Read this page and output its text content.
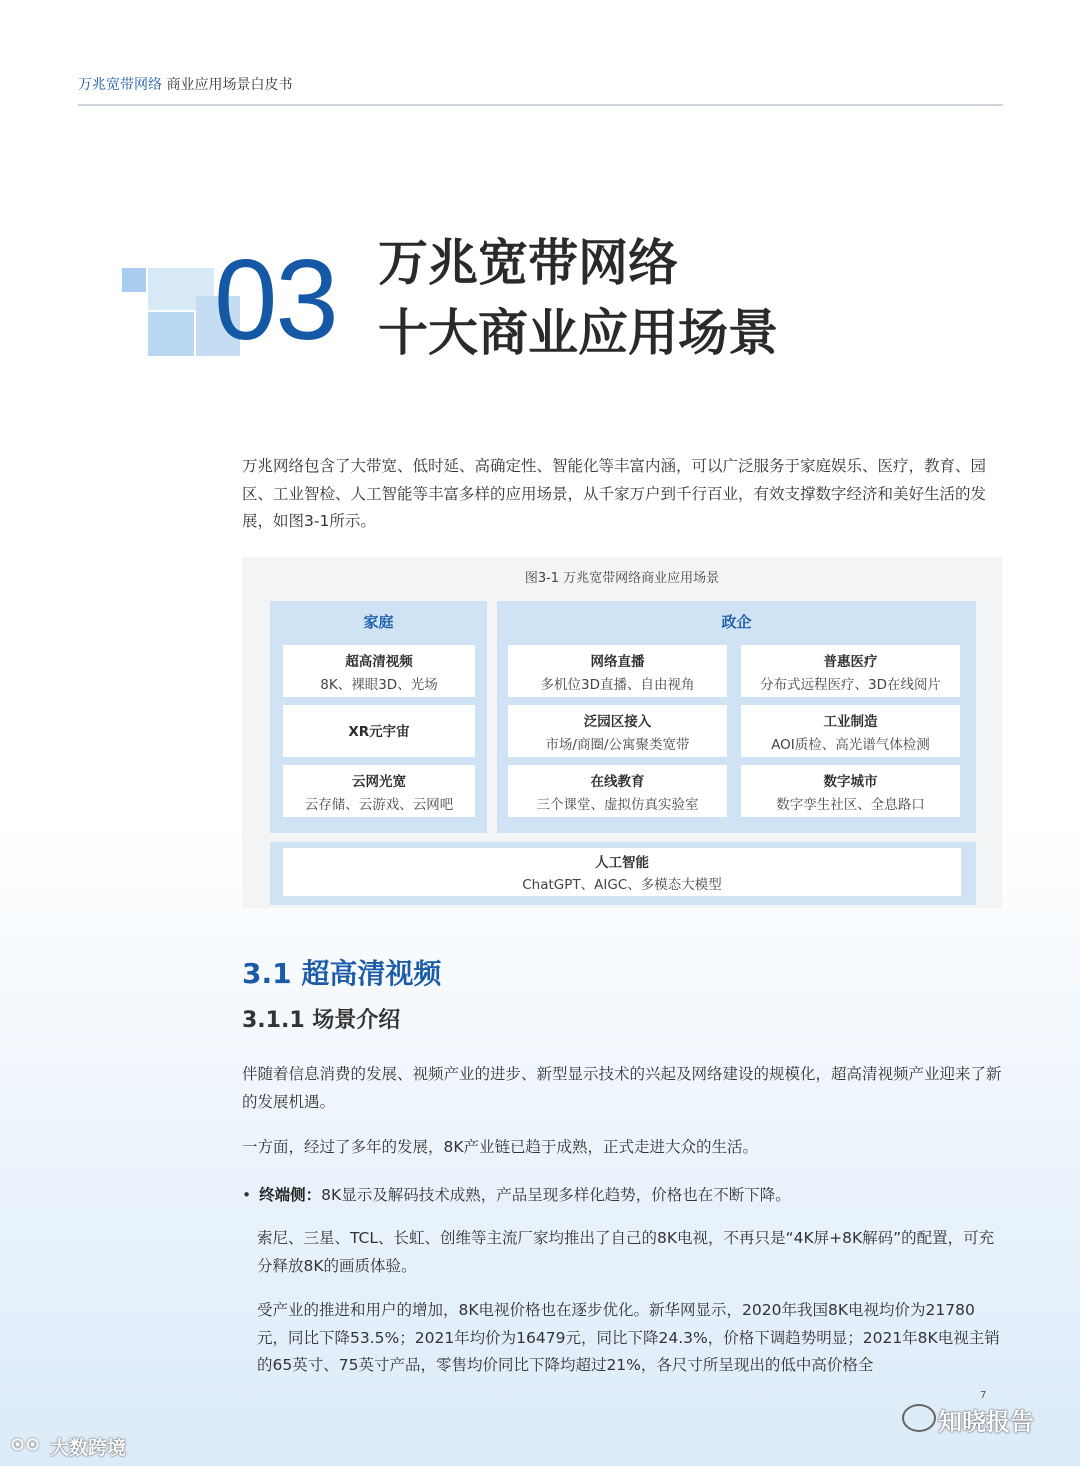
万兆宽带网络 商业应用场景白皮书
03 万兆宽带网络
十大商业应用场景
万兆网络包含了大带宽、低时延、高确定性、智能化等丰富内涵，可以广泛服务于家庭娱乐、医疗，教育、园区、工业智检、人工智能等丰富多样的应用场景，从千家万户到千行百业，有效支撑数字经济和美好生活的发展，如图3-1所示。
图3-1 万兆宽带网络商业应用场景
家庭
超高清视频
8K、裸眼3D、光场
XR元宇宙
云网光宽
云存储、云游戏、云网吧
政企
网络直播
多机位3D直播、自由视角
普惠医疗
分布式远程医疗、3D在线阅片
泛园区接入
市场/商圈/公寓聚类宽带
工业制造
AOI质检、高光谱气体检测
在线教育
三个课堂、虚拟仿真实验室
数字城市
数字孪生社区、全息路口
人工智能
ChatGPT、AIGC、多模态大模型
3.1 超高清视频
3.1.1 场景介绍
伴随着信息消费的发展、视频产业的进步、新型显示技术的兴起及网络建设的规模化，超高清视频产业迎来了新的发展机遇。
一方面，经过了多年的发展，8K产业链已趋于成熟，正式走进大众的生活。
• 终端侧：8K显示及解码技术成熟，产品呈现多样化趋势，价格也在不断下降。
索尼、三星、TCL、长虹、创维等主流厂家均推出了自己的8K电视，不再只是“4K屏+8K解码”的配置，可充分释放8K的画质体验。
受产业的推进和用户的增加，8K电视价格也在逐步优化。新华网显示，2020年我国8K电视均价为21780元，同比下降53.5%；2021年均价为16479元，同比下降24.3%，价格下调趋势明显；2021年8K电视主销的65英寸、75英寸产品，零售均价同比下降均超过21%，各尺寸所呈现出的低中高价格全
7
知晓报告
大数跨境
⊙⊙
